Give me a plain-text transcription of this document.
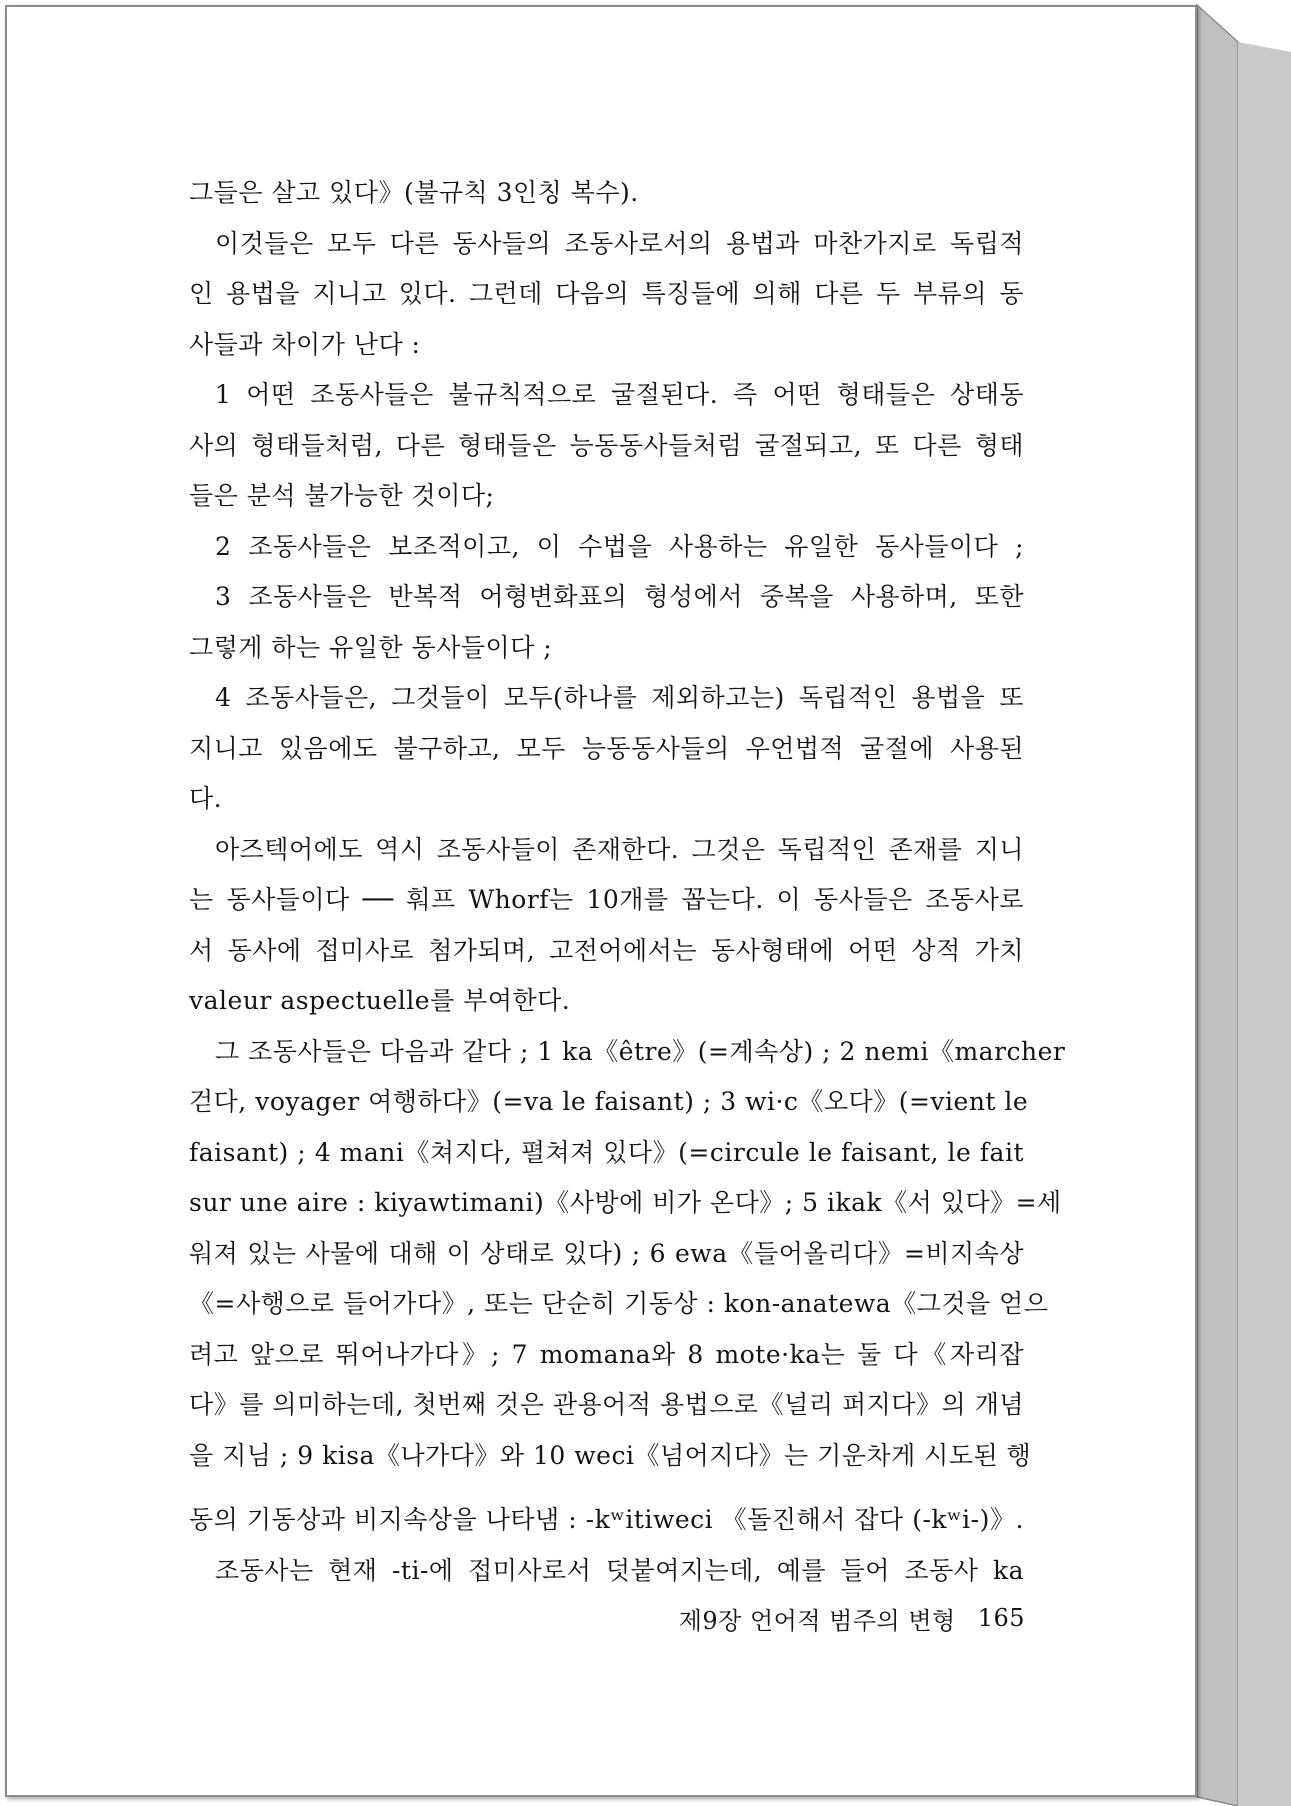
그들은 살고 있다》(불규칙 3인칭 복수).
이것들은 모두 다른 동사들의 조동사로서의 용법과 마찬가지로 독립적
인 용법을 지니고 있다. 그런데 다음의 특징들에 의해 다른 두 부류의 동
사들과 차이가 난다 :
1 어떤 조동사들은 불규칙적으로 굴절된다. 즉 어떤 형태들은 상태동
사의 형태들처럼, 다른 형태들은 능동동사들처럼 굴절되고, 또 다른 형태
들은 분석 불가능한 것이다;
2 조동사들은 보조적이고, 이 수법을 사용하는 유일한 동사들이다 ;
3 조동사들은 반복적 어형변화표의 형성에서 중복을 사용하며, 또한
그렇게 하는 유일한 동사들이다 ;
4 조동사들은, 그것들이 모두(하나를 제외하고는) 독립적인 용법을 또
지니고 있음에도 불구하고, 모두 능동동사들의 우언법적 굴절에 사용된
다.
아즈텍어에도 역시 조동사들이 존재한다. 그것은 독립적인 존재를 지니
는 동사들이다 ── 훠프 Whorf는 10개를 꼽는다. 이 동사들은 조동사로
서 동사에 접미사로 첨가되며, 고전어에서는 동사형태에 어떤 상적 가치
valeur aspectuelle를 부여한다.
그 조동사들은 다음과 같다 ; 1 ka《être》(=계속상) ; 2 nemi《marcher
걷다, voyager 여행하다》(=va le faisant) ; 3 wi·c《오다》(=vient le
faisant) ; 4 mani《쳐지다, 펼쳐져 있다》(=circule le faisant, le fait
sur une aire : kiyawtimani)《사방에 비가 온다》; 5 ikak《서 있다》=세
워져 있는 사물에 대해 이 상태로 있다) ; 6 ewa《들어올리다》=비지속상
《=사행으로 들어가다》, 또는 단순히 기동상 : kon-anatewa《그것을 얻으
려고 앞으로 뛰어나가다》; 7 momana와 8 mote·ka는 둘 다《자리잡
다》를 의미하는데, 첫번째 것은 관용어적 용법으로《널리 퍼지다》의 개념
을 지님 ; 9 kisa《나가다》와 10 weci《넘어지다》는 기운차게 시도된 행
동의 기동상과 비지속상을 나타냄 : -kʷitiweci 《돌진해서 잡다 (-kʷi-)》.
조동사는 현재 -ti-에 접미사로서 덧붙여지는데, 예를 들어 조동사 ka
제9장 언어적 범주의 변형 165
